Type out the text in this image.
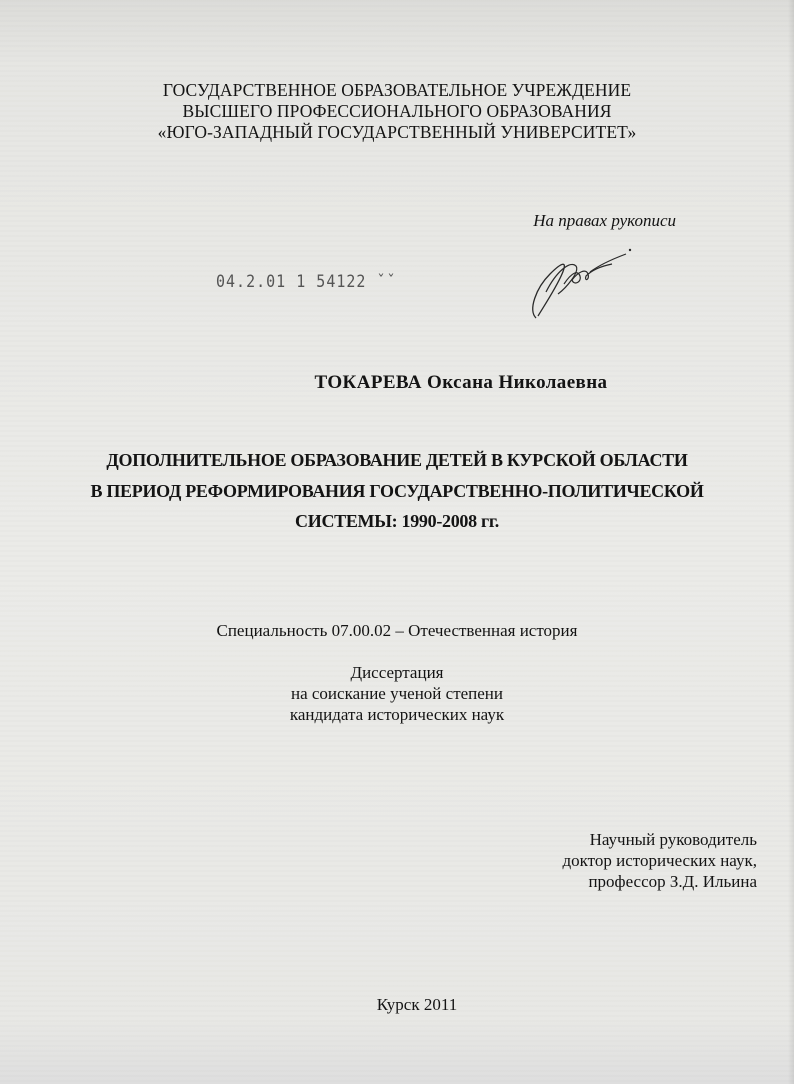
ГОСУДАРСТВЕННОЕ ОБРАЗОВАТЕЛЬНОЕ УЧРЕЖДЕНИЕ
ВЫСШЕГО ПРОФЕССИОНАЛЬНОГО ОБРАЗОВАНИЯ
«ЮГО-ЗАПАДНЫЙ ГОСУДАРСТВЕННЫЙ УНИВЕРСИТЕТ»
На правах рукописи
04.2.01 1 54122 ˇˇ
ТОКАРЕВА Оксана Николаевна
ДОПОЛНИТЕЛЬНОЕ ОБРАЗОВАНИЕ ДЕТЕЙ В КУРСКОЙ ОБЛАСТИ
В ПЕРИОД РЕФОРМИРОВАНИЯ ГОСУДАРСТВЕННО-ПОЛИТИЧЕСКОЙ
СИСТЕМЫ: 1990-2008 гг.
Специальность 07.00.02 – Отечественная история
Диссертация
на соискание ученой степени
кандидата исторических наук
Научный руководитель
доктор исторических наук,
профессор З.Д. Ильина
Курск 2011
